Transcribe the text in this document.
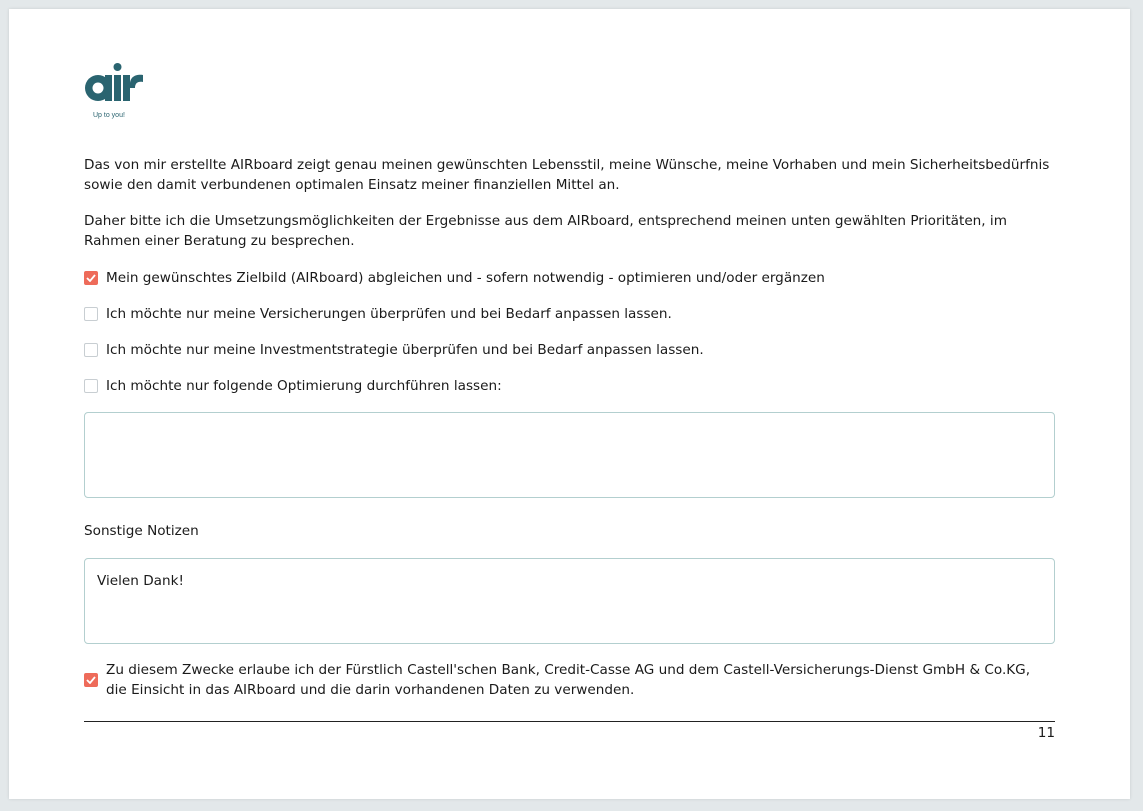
Up to you!

Das von mir erstellte AIRboard zeigt genau meinen gewünschten Lebensstil, meine Wünsche, meine Vorhaben und mein Sicherheitsbedürfnis sowie den damit verbundenen optimalen Einsatz meiner finanziellen Mittel an.

Daher bitte ich die Umsetzungsmöglichkeiten der Ergebnisse aus dem AIRboard, entsprechend meinen unten gewählten Prioritäten, im Rahmen einer Beratung zu besprechen.

Mein gewünschtes Zielbild (AIRboard) abgleichen und - sofern notwendig - optimieren und/oder ergänzen
Ich möchte nur meine Versicherungen überprüfen und bei Bedarf anpassen lassen.
Ich möchte nur meine Investmentstrategie überprüfen und bei Bedarf anpassen lassen.
Ich möchte nur folgende Optimierung durchführen lassen:
Sonstige Notizen
Vielen Dank!
Zu diesem Zwecke erlaube ich der Fürstlich Castell'schen Bank, Credit-Casse AG und dem Castell-Versicherungs-Dienst GmbH & Co.KG, die Einsicht in das AIRboard und die darin vorhandenen Daten zu verwenden.
11
